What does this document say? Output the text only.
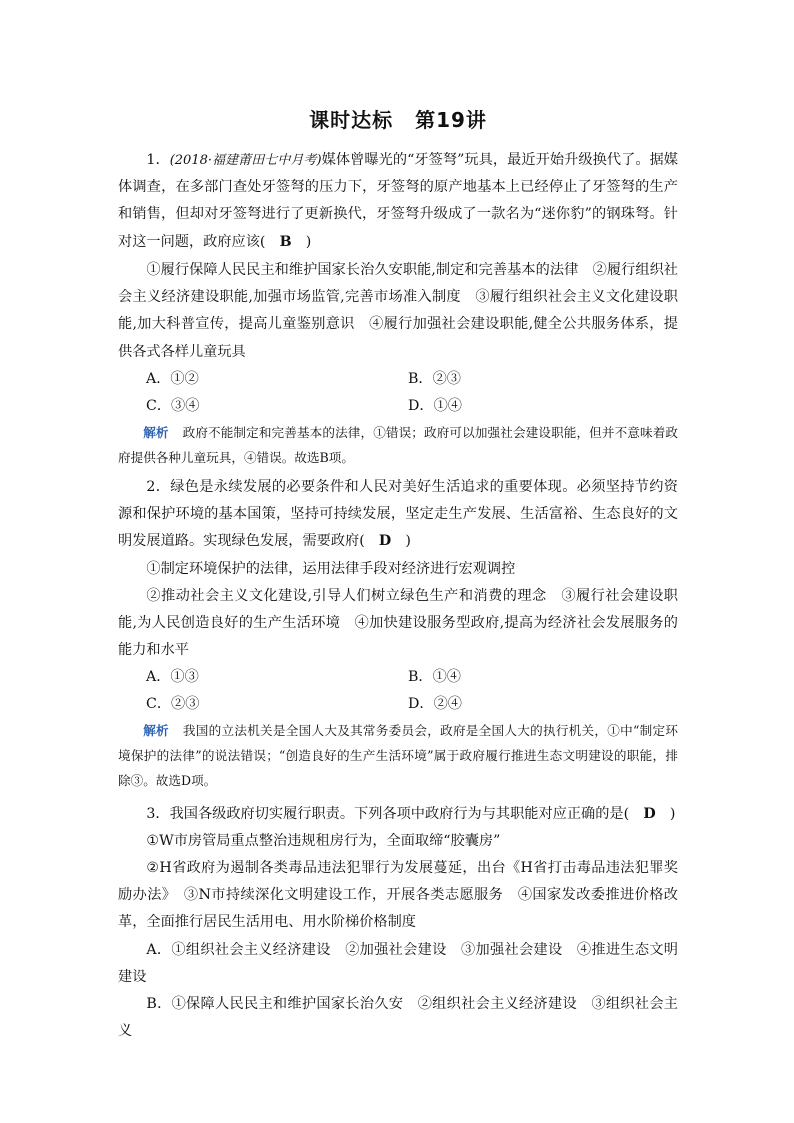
课时达标 第19讲

1．(2018·福建莆田七中月考)媒体曾曝光的“牙签弩”玩具，最近开始升级换代了。据媒体调查，在多部门查处牙签弩的压力下，牙签弩的原产地基本上已经停止了牙签弩的生产和销售，但却对牙签弩进行了更新换代，牙签弩升级成了一款名为“迷你豹”的钢珠弩。针对这一问题，政府应该( B )

①履行保障人民民主和维护国家长治久安职能,制定和完善基本的法律　②履行组织社会主义经济建设职能,加强市场监管,完善市场准入制度　③履行组织社会主义文化建设职能,加大科普宣传，提高儿童鉴别意识　④履行加强社会建设职能,健全公共服务体系，提供各式各样儿童玩具

A．①②	B．②③
C．③④	D．①④

解析 政府不能制定和完善基本的法律，①错误；政府可以加强社会建设职能，但并不意味着政府提供各种儿童玩具，④错误。故选B项。

2．绿色是永续发展的必要条件和人民对美好生活追求的重要体现。必须坚持节约资源和保护环境的基本国策，坚持可持续发展，坚定走生产发展、生活富裕、生态良好的文明发展道路。实现绿色发展，需要政府( D )

①制定环境保护的法律，运用法律手段对经济进行宏观调控

②推动社会主义文化建设,引导人们树立绿色生产和消费的理念　③履行社会建设职能,为人民创造良好的生产生活环境　④加快建设服务型政府,提高为经济社会发展服务的能力和水平

A．①③	B．①④
C．②③	D．②④

解析 我国的立法机关是全国人大及其常务委员会，政府是全国人大的执行机关，①中“制定环境保护的法律”的说法错误；“创造良好的生产生活环境”属于政府履行推进生态文明建设的职能，排除③。故选D项。

3．我国各级政府切实履行职责。下列各项中政府行为与其职能对应正确的是( D )

①W市房管局重点整治违规租房行为，全面取缔“胶囊房”

②H省政府为遏制各类毒品违法犯罪行为发展蔓延，出台《H省打击毒品违法犯罪奖励办法》　③N市持续深化文明建设工作，开展各类志愿服务　④国家发改委推进价格改革，全面推行居民生活用电、用水阶梯价格制度

A．①组织社会主义经济建设　②加强社会建设　③加强社会建设　④推进生态文明建设

B．①保障人民民主和维护国家长治久安　②组织社会主义经济建设　③组织社会主义
